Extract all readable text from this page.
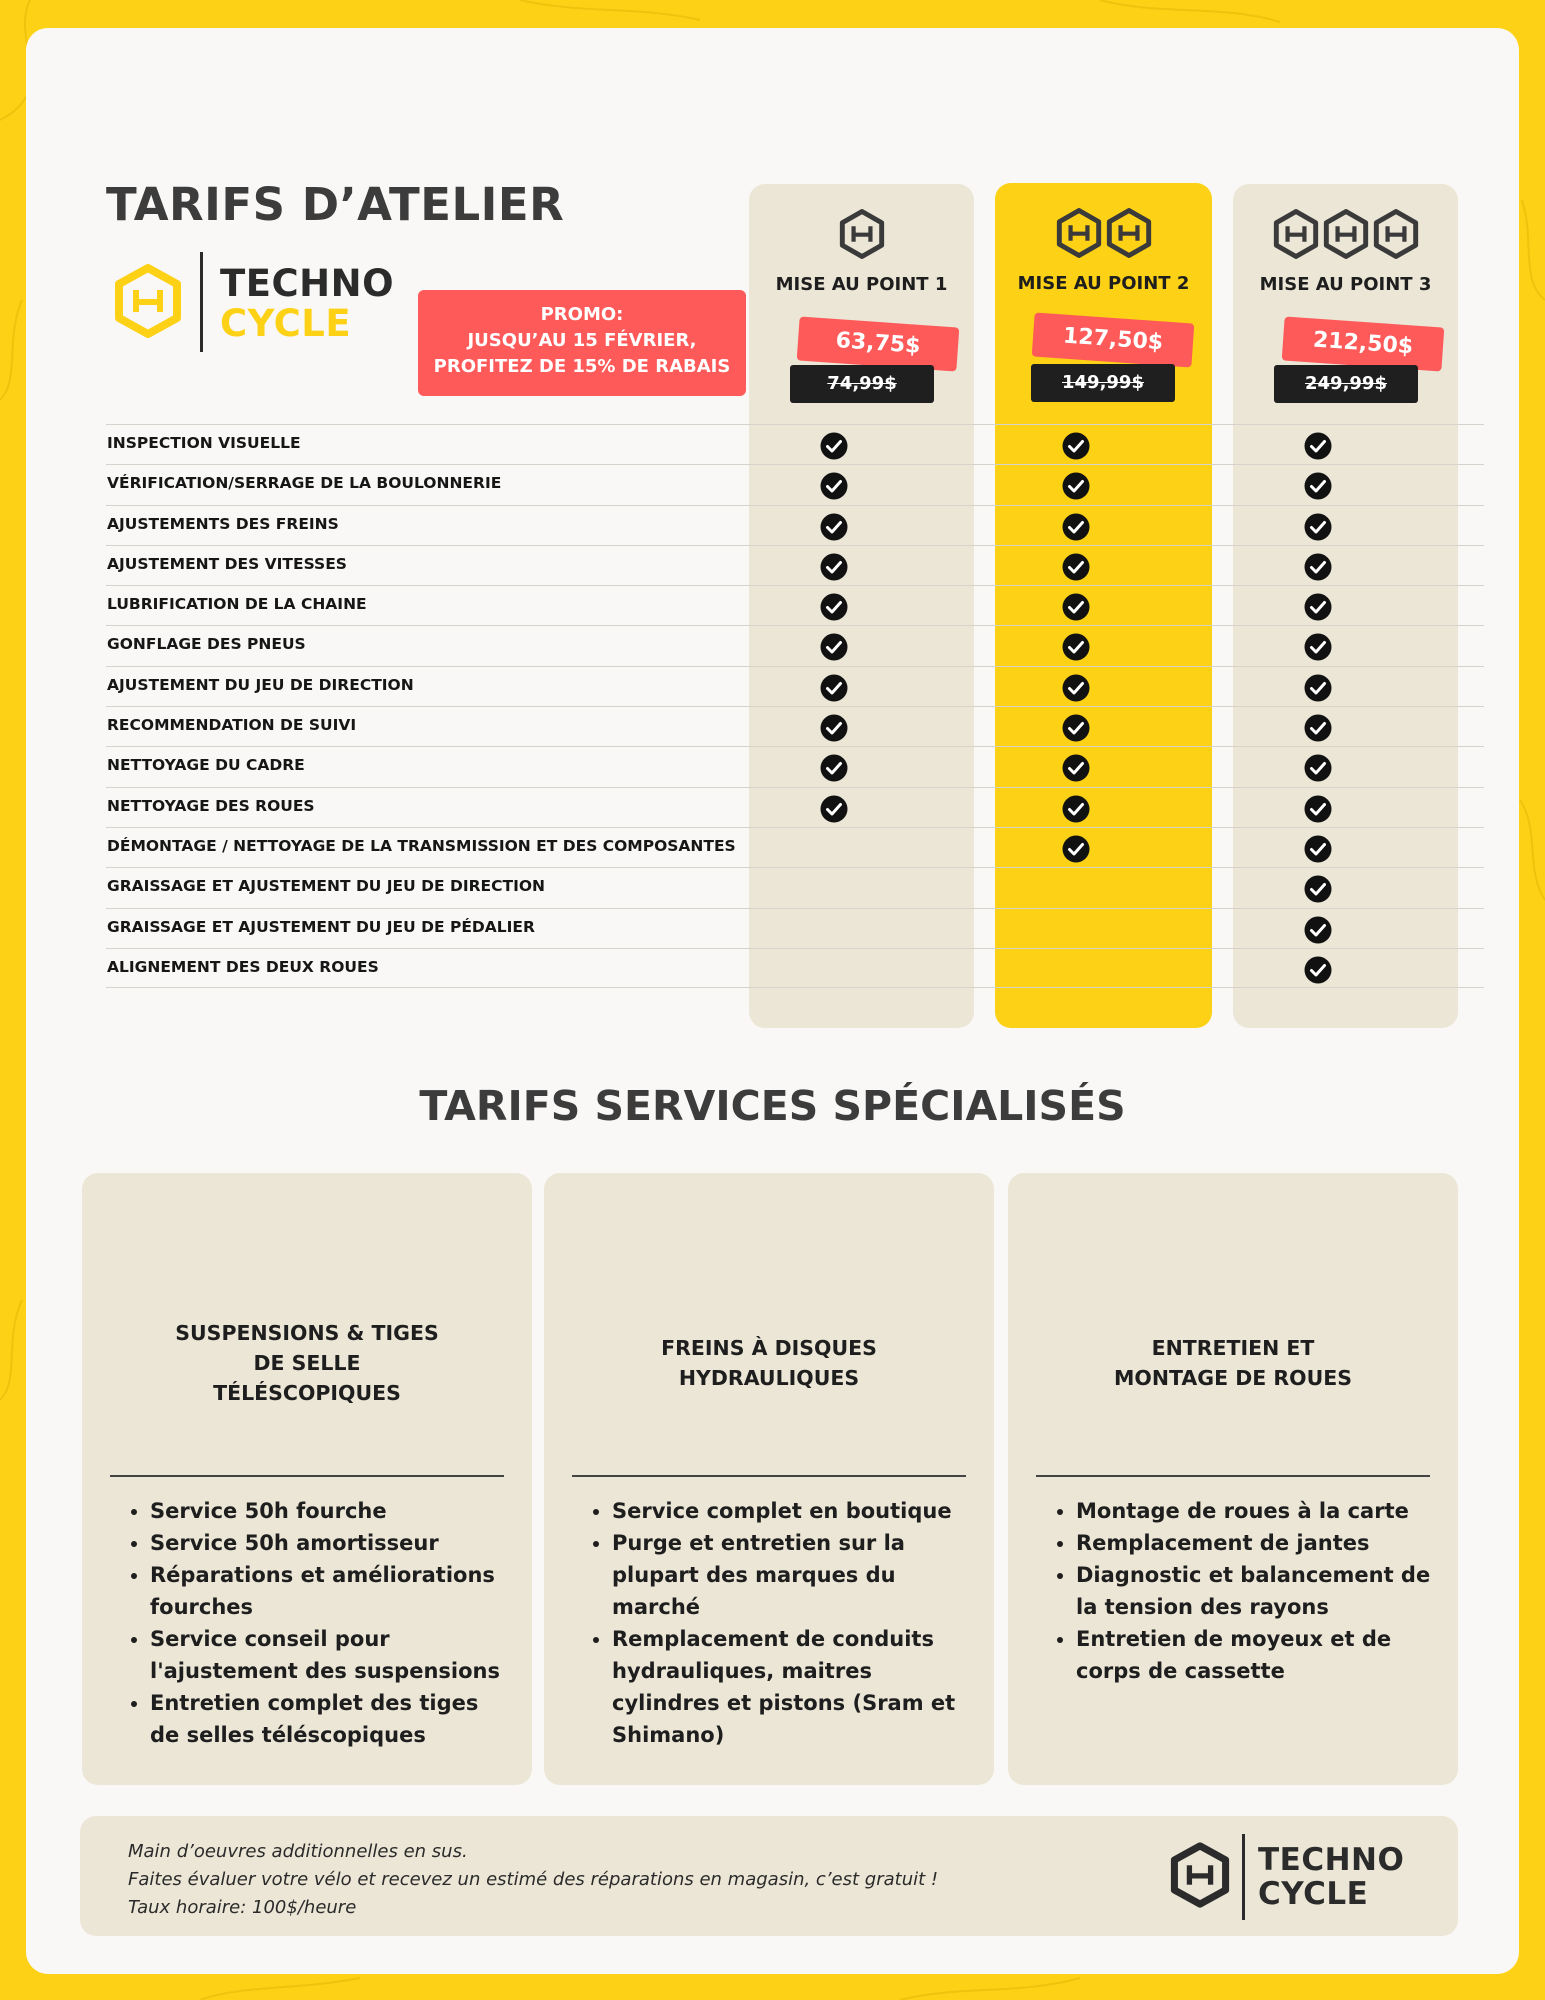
TARIFS D’ATELIER
TECHNO
CYCLE	PROMO:
JUSQU’AU 15 FÉVRIER,
PROFITEZ DE 15% DE RABAIS
MISE AU POINT 1
63,75$
74,99$
MISE AU POINT 2
127,50$
149,99$
MISE AU POINT 3
212,50$
249,99$
INSPECTION VISUELLE
VÉRIFICATION/SERRAGE DE LA BOULONNERIE
AJUSTEMENTS DES FREINS
AJUSTEMENT DES VITESSES
LUBRIFICATION DE LA CHAINE
GONFLAGE DES PNEUS
AJUSTEMENT DU JEU DE DIRECTION
RECOMMENDATION DE SUIVI
NETTOYAGE DU CADRE
NETTOYAGE DES ROUES
DÉMONTAGE / NETTOYAGE DE LA TRANSMISSION ET DES COMPOSANTES
GRAISSAGE ET AJUSTEMENT DU JEU DE DIRECTION
GRAISSAGE ET AJUSTEMENT DU JEU DE PÉDALIER
ALIGNEMENT DES DEUX ROUES
TARIFS SERVICES SPÉCIALISÉS
SUSPENSIONS & TIGES
DE SELLE
TÉLÉSCOPIQUES
• Service 50h fourche
• Service 50h amortisseur
• Réparations et améliorations fourches
• Service conseil pour l'ajustement des suspensions
• Entretien complet des tiges de selles téléscopiques
FREINS À DISQUES
HYDRAULIQUES
• Service complet en boutique
• Purge et entretien sur la plupart des marques du marché
• Remplacement de conduits hydrauliques, maitres cylindres et pistons (Sram et Shimano)
ENTRETIEN ET
MONTAGE DE ROUES
• Montage de roues à la carte
• Remplacement de jantes
• Diagnostic et balancement de la tension des rayons
• Entretien de moyeux et de corps de cassette
Main d’oeuvres additionnelles en sus.
Faites évaluer votre vélo et recevez un estimé des réparations en magasin, c’est gratuit !
Taux horaire: 100$/heure
TECHNO
CYCLE
